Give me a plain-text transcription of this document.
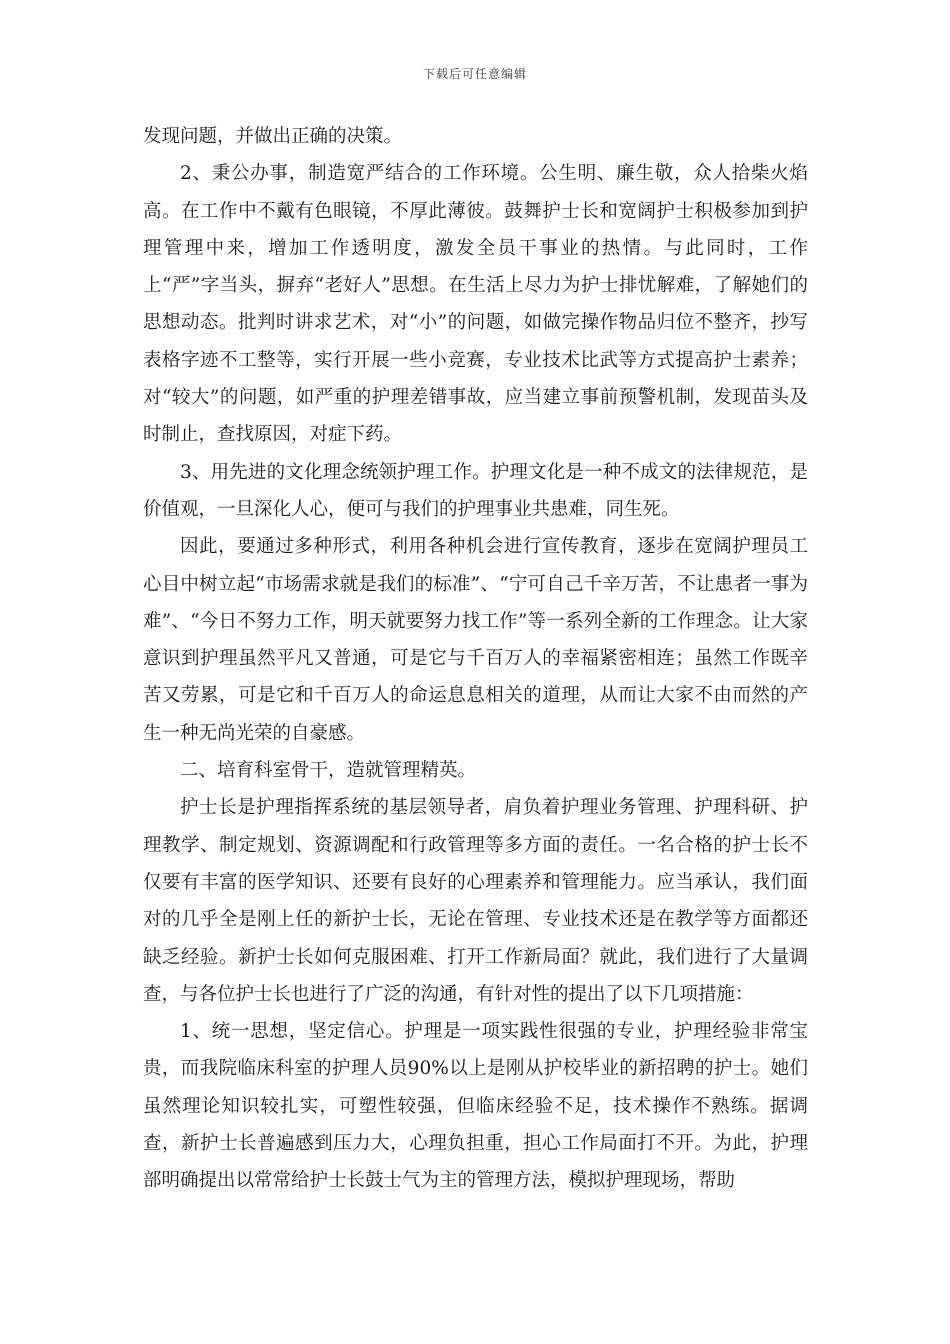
下载后可任意编辑

发现问题，并做出正确的决策。

2、秉公办事，制造宽严结合的工作环境。公生明、廉生敬，众人拾柴火焰高。在工作中不戴有色眼镜，不厚此薄彼。鼓舞护士长和宽阔护士积极参加到护理管理中来，增加工作透明度，激发全员干事业的热情。与此同时，工作上“严”字当头，摒弃“老好人”思想。在生活上尽力为护士排忧解难，了解她们的思想动态。批判时讲求艺术，对“小”的问题，如做完操作物品归位不整齐，抄写表格字迹不工整等，实行开展一些小竞赛，专业技术比武等方式提高护士素养；对“较大”的问题，如严重的护理差错事故，应当建立事前预警机制，发现苗头及时制止，查找原因，对症下药。

3、用先进的文化理念统领护理工作。护理文化是一种不成文的法律规范，是价值观，一旦深化人心，便可与我们的护理事业共患难，同生死。

因此，要通过多种形式，利用各种机会进行宣传教育，逐步在宽阔护理员工心目中树立起“市场需求就是我们的标准”、“宁可自己千辛万苦，不让患者一事为难”、“今日不努力工作，明天就要努力找工作”等一系列全新的工作理念。让大家意识到护理虽然平凡又普通，可是它与千百万人的幸福紧密相连；虽然工作既辛苦又劳累，可是它和千百万人的命运息息相关的道理，从而让大家不由而然的产生一种无尚光荣的自豪感。

二、培育科室骨干，造就管理精英。

护士长是护理指挥系统的基层领导者，肩负着护理业务管理、护理科研、护理教学、制定规划、资源调配和行政管理等多方面的责任。一名合格的护士长不仅要有丰富的医学知识、还要有良好的心理素养和管理能力。应当承认，我们面对的几乎全是刚上任的新护士长，无论在管理、专业技术还是在教学等方面都还缺乏经验。新护士长如何克服困难、打开工作新局面？就此，我们进行了大量调查，与各位护士长也进行了广泛的沟通，有针对性的提出了以下几项措施：

1、统一思想，坚定信心。护理是一项实践性很强的专业，护理经验非常宝贵，而我院临床科室的护理人员90%以上是刚从护校毕业的新招聘的护士。她们虽然理论知识较扎实，可塑性较强，但临床经验不足，技术操作不熟练。据调查，新护士长普遍感到压力大，心理负担重，担心工作局面打不开。为此，护理部明确提出以常常给护士长鼓士气为主的管理方法，模拟护理现场，帮助
